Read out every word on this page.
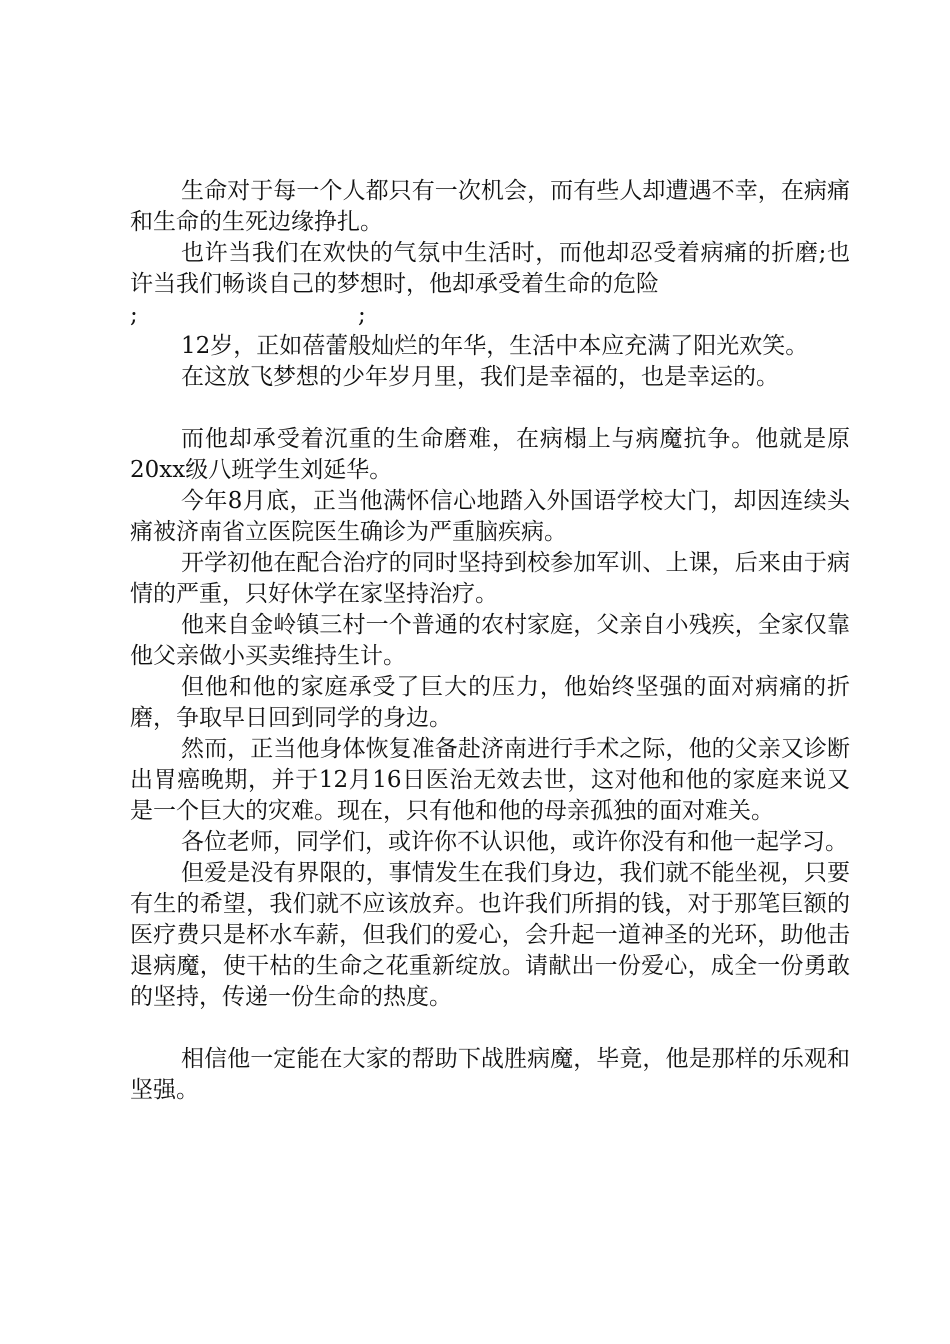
生命对于每一个人都只有一次机会，而有些人却遭遇不幸，在病痛和生命的生死边缘挣扎。

也许当我们在欢快的气氛中生活时，而他却忍受着病痛的折磨;也许当我们畅谈自己的梦想时，他却承受着生命的危险

;	;

12岁，正如蓓蕾般灿烂的年华，生活中本应充满了阳光欢笑。

在这放飞梦想的少年岁月里，我们是幸福的，也是幸运的。

而他却承受着沉重的生命磨难，在病榻上与病魔抗争。他就是原20xx级八班学生刘延华。

今年8月底，正当他满怀信心地踏入外国语学校大门，却因连续头痛被济南省立医院医生确诊为严重脑疾病。

开学初他在配合治疗的同时坚持到校参加军训、上课，后来由于病情的严重，只好休学在家坚持治疗。

他来自金岭镇三村一个普通的农村家庭，父亲自小残疾，全家仅靠他父亲做小买卖维持生计。

但他和他的家庭承受了巨大的压力，他始终坚强的面对病痛的折磨，争取早日回到同学的身边。

然而，正当他身体恢复准备赴济南进行手术之际，他的父亲又诊断出胃癌晚期，并于12月16日医治无效去世，这对他和他的家庭来说又是一个巨大的灾难。现在，只有他和他的母亲孤独的面对难关。

各位老师，同学们，或许你不认识他，或许你没有和他一起学习。

但爱是没有界限的，事情发生在我们身边，我们就不能坐视，只要有生的希望，我们就不应该放弃。也许我们所捐的钱，对于那笔巨额的医疗费只是杯水车薪，但我们的爱心，会升起一道神圣的光环，助他击退病魔，使干枯的生命之花重新绽放。请献出一份爱心，成全一份勇敢的坚持，传递一份生命的热度。

相信他一定能在大家的帮助下战胜病魔，毕竟，他是那样的乐观和坚强。
